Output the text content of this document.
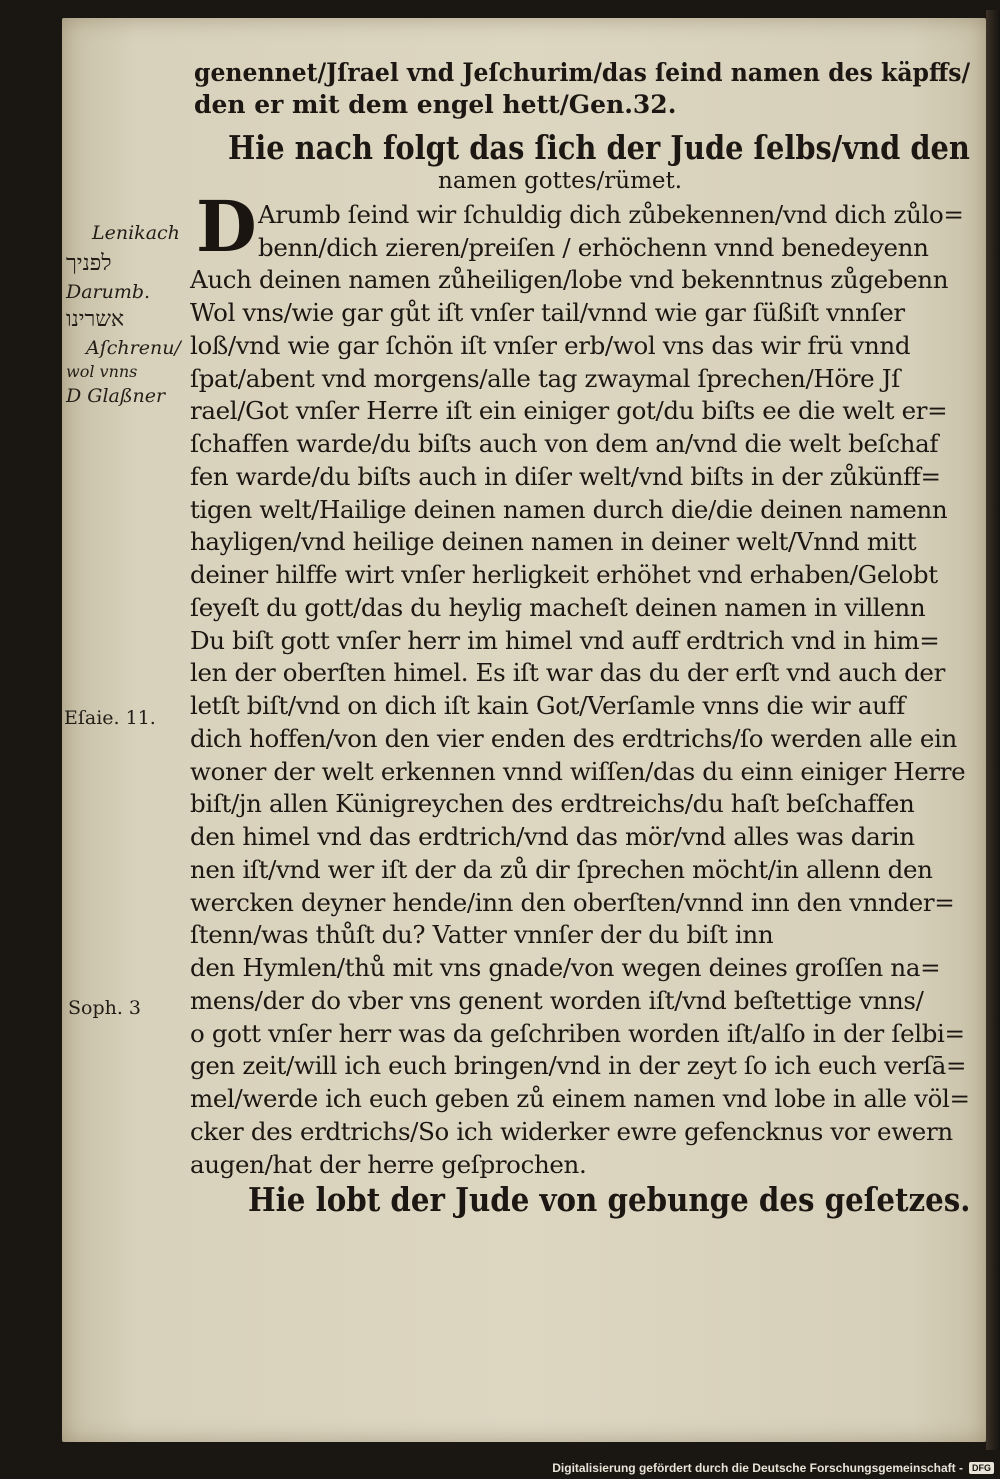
genennet/Jſrael vnd Jeſchurim/das ſeind namen des käpffs/
den er mit dem engel hett/Gen.32.
Hie nach folgt das ſich der Jude ſelbs/vnd den
namen gottes/rümet.
D Arumb ſeind wir ſchuldig dich zůbekennen/vnd dich zůlo=
benn/dich zieren/preiſen / erhöchenn vnnd benedeyenn
Auch deinen namen zůheiligen/lobe vnd bekenntnus zůgebenn
Wol vns/wie gar gůt iſt vnſer tail/vnnd wie gar ſüßiſt vnnſer
loß/vnd wie gar ſchön iſt vnſer erb/wol vns das wir frü vnnd
ſpat/abent vnd morgens/alle tag zwaymal ſprechen/Höre Jſ
rael/Got vnſer Herre iſt ein einiger got/du biſts ee die welt er=
ſchaffen warde/du biſts auch von dem an/vnd die welt beſchaf
fen warde/du biſts auch in diſer welt/vnd biſts in der zůkünff=
tigen welt/Hailige deinen namen durch die/die deinen namenn
hayligen/vnd heilige deinen namen in deiner welt/Vnnd mitt
deiner hilffe wirt vnſer herligkeit erhöhet vnd erhaben/Gelobt
ſeyeſt du gott/das du heylig macheſt deinen namen in villenn
Du biſt gott vnſer herr im himel vnd auff erdtrich vnd in him=
len der oberſten himel. Es iſt war das du der erſt vnd auch der
letſt biſt/vnd on dich iſt kain Got/Verſamle vnns die wir auff
dich hoffen/von den vier enden des erdtrichs/ſo werden alle ein
woner der welt erkennen vnnd wiſſen/das du einn einiger Herre
biſt/jn allen Künigreychen des erdtreichs/du haſt beſchaffen
den himel vnd das erdtrich/vnd das mör/vnd alles was darin
nen iſt/vnd wer iſt der da zů dir ſprechen möcht/in allenn den
wercken deyner hende/inn den oberſten/vnnd inn den vnnder=
ſtenn/was thůſt du? Vatter vnnſer der du biſt inn
den Hymlen/thů mit vns gnade/von wegen deines groſſen na=
mens/der do vber vns genent worden iſt/vnd beſtettige vnns/
o gott vnſer herr was da geſchriben worden iſt/alſo in der ſelbi=
gen zeit/will ich euch bringen/vnd in der zeyt ſo ich euch verſā=
mel/werde ich euch geben zů einem namen vnd lobe in alle völ=
cker des erdtrichs/So ich widerker ewre gefencknus vor ewern
augen/hat der herre geſprochen.
Hie lobt der Jude von gebunge des geſetzes.
Lenikach
לפניך
Darumb.
אשרינו
Aſchrenu/
wol vnns
D Glaßner
Eſaie. 11.
Soph. 3
Digitalisierung gefördert durch die Deutsche Forschungsgemeinschaft -	DFG
